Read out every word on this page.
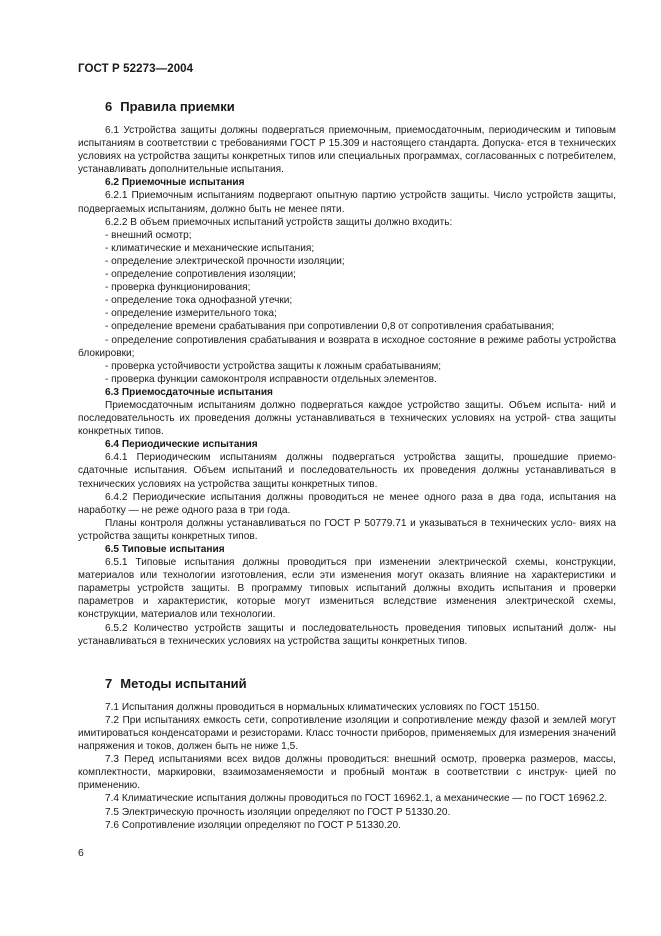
ГОСТ Р 52273—2004
6 Правила приемки

6.1 Устройства защиты должны подвергаться приемочным, приемосдаточным, периодическим и типовым испытаниям в соответствии с требованиями ГОСТ Р 15.309 и настоящего стандарта. Допуска- ется в технических условиях на устройства защиты конкретных типов или специальных программах, согласованных с потребителем, устанавливать дополнительные испытания.

6.2 Приемочные испытания

6.2.1 Приемочным испытаниям подвергают опытную партию устройств защиты. Число устройств защиты, подвергаемых испытаниям, должно быть не менее пяти.

6.2.2 В объем приемочных испытаний устройств защиты должно входить:

- внешний осмотр;

- климатические и механические испытания;

- определение электрической прочности изоляции;

- определение сопротивления изоляции;

- проверка функционирования;

- определение тока однофазной утечки;

- определение измерительного тока;

- определение времени срабатывания при сопротивлении 0,8 от сопротивления срабатывания;

- определение сопротивления срабатывания и возврата в исходное состояние в режиме работы устройства блокировки;

- проверка устойчивости устройства защиты к ложным срабатываниям;

- проверка функции самоконтроля исправности отдельных элементов.

6.3 Приемосдаточные испытания

Приемосдаточным испытаниям должно подвергаться каждое устройство защиты. Объем испыта- ний и последовательность их проведения должны устанавливаться в технических условиях на устрой- ства защиты конкретных типов.

6.4 Периодические испытания

6.4.1 Периодическим испытаниям должны подвергаться устройства защиты, прошедшие приемо- сдаточные испытания. Объем испытаний и последовательность их проведения должны устанавливаться в технических условиях на устройства защиты конкретных типов.

6.4.2 Периодические испытания должны проводиться не менее одного раза в два года, испытания на наработку — не реже одного раза в три года.

Планы контроля должны устанавливаться по ГОСТ Р 50779.71 и указываться в технических усло- виях на устройства защиты конкретных типов.

6.5 Типовые испытания

6.5.1 Типовые испытания должны проводиться при изменении электрической схемы, конструкции, материалов или технологии изготовления, если эти изменения могут оказать влияние на характеристики и параметры устройств защиты. В программу типовых испытаний должны входить испытания и проверки параметров и характеристик, которые могут измениться вследствие изменения электрической схемы, конструкции, материалов или технологии.

6.5.2 Количество устройств защиты и последовательность проведения типовых испытаний долж- ны устанавливаться в технических условиях на устройства защиты конкретных типов.

7 Методы испытаний

7.1 Испытания должны проводиться в нормальных климатических условиях по ГОСТ 15150.

7.2 При испытаниях емкость сети, сопротивление изоляции и сопротивление между фазой и землей могут имитироваться конденсаторами и резисторами. Класс точности приборов, применяемых для измерения значений напряжения и токов, должен быть не ниже 1,5.

7.3 Перед испытаниями всех видов должны проводиться: внешний осмотр, проверка размеров, массы, комплектности, маркировки, взаимозаменяемости и пробный монтаж в соответствии с инструк- цией по применению.

7.4 Климатические испытания должны проводиться по ГОСТ 16962.1, а механические — по ГОСТ 16962.2.

7.5 Электрическую прочность изоляции определяют по ГОСТ Р 51330.20.

7.6 Сопротивление изоляции определяют по ГОСТ Р 51330.20.

6
